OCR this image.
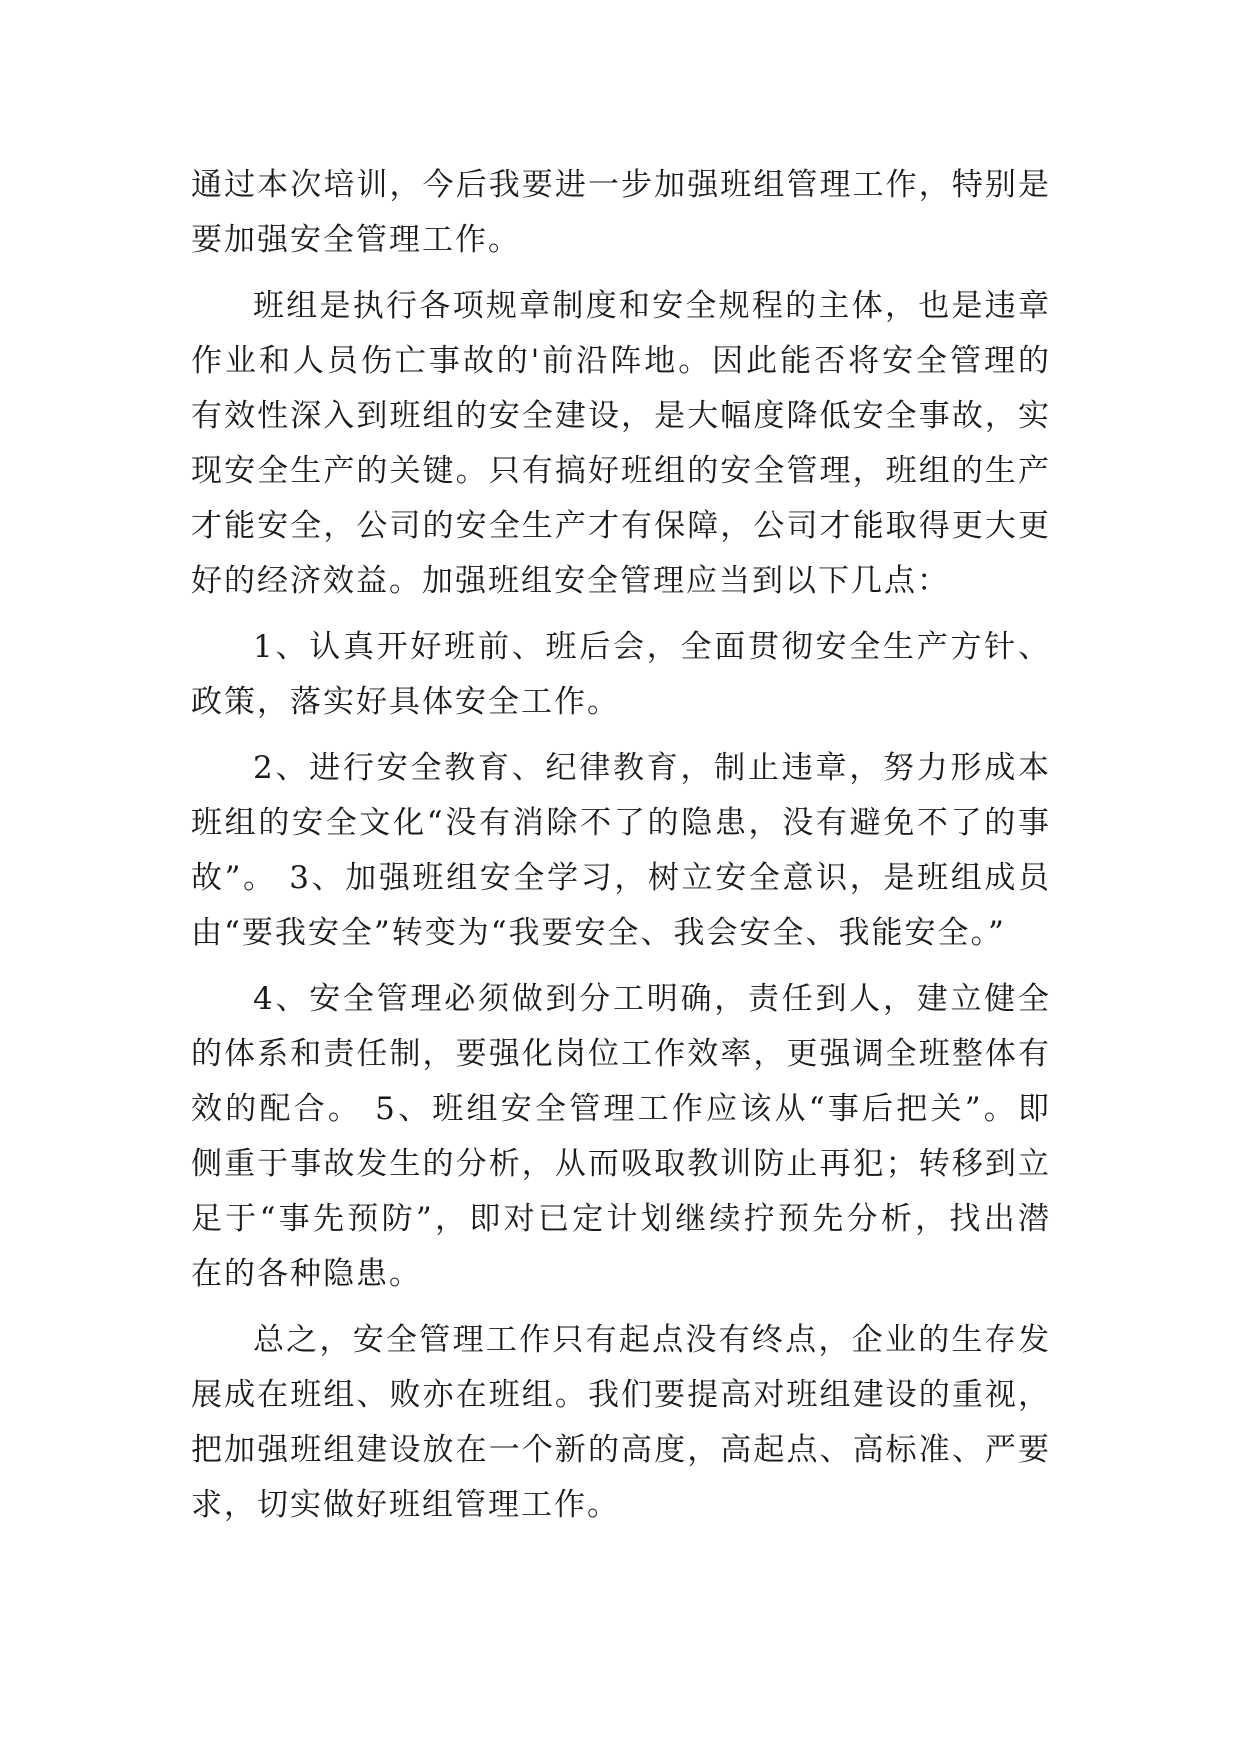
通过本次培训，今后我要进一步加强班组管理工作，特别是要加强安全管理工作。

班组是执行各项规章制度和安全规程的主体，也是违章作业和人员伤亡事故的'前沿阵地。因此能否将安全管理的有效性深入到班组的安全建设，是大幅度降低安全事故，实现安全生产的关键。只有搞好班组的安全管理，班组的生产才能安全，公司的安全生产才有保障，公司才能取得更大更好的经济效益。加强班组安全管理应当到以下几点：

1、认真开好班前、班后会，全面贯彻安全生产方针、政策，落实好具体安全工作。

2、进行安全教育、纪律教育，制止违章，努力形成本班组的安全文化“没有消除不了的隐患，没有避免不了的事故”。 3、加强班组安全学习，树立安全意识，是班组成员由“要我安全”转变为“我要安全、我会安全、我能安全。”

4、安全管理必须做到分工明确，责任到人，建立健全的体系和责任制，要强化岗位工作效率，更强调全班整体有效的配合。 5、班组安全管理工作应该从“事后把关”。即侧重于事故发生的分析，从而吸取教训防止再犯；转移到立足于“事先预防”，即对已定计划继续拧预先分析，找出潜在的各种隐患。

总之，安全管理工作只有起点没有终点，企业的生存发展成在班组、败亦在班组。我们要提高对班组建设的重视，把加强班组建设放在一个新的高度，高起点、高标准、严要求，切实做好班组管理工作。
